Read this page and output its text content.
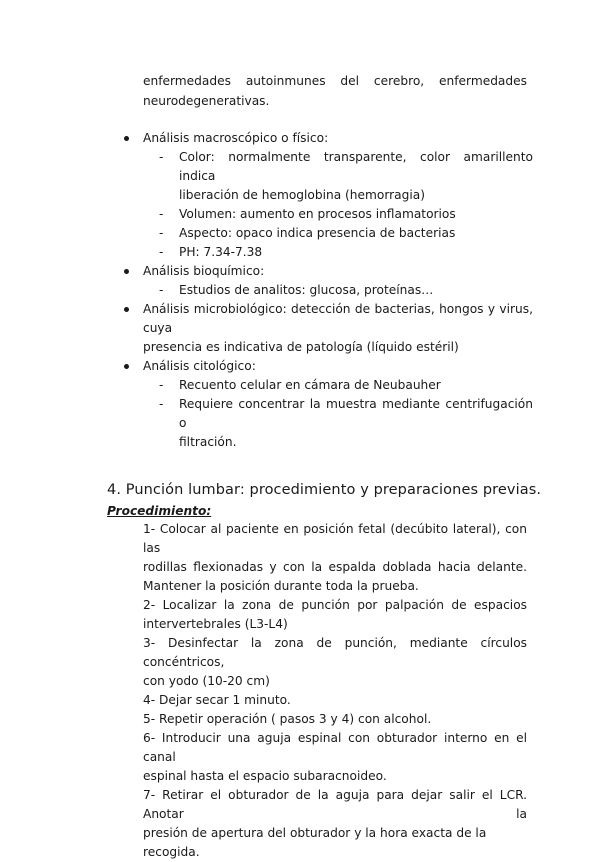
enfermedades autoinmunes del cerebro, enfermedades

neurodegenerativas.

Análisis macroscópico o físico:
- Color: normalmente transparente, color amarillento indica

liberación de hemoglobina (hemorragia)

- Volumen: aumento en procesos inflamatorios

- Aspecto: opaco indica presencia de bacterias

- PH: 7.34-7.38

Análisis bioquímico:
- Estudios de analitos: glucosa, proteínas…

Análisis microbiológico: detección de bacterias, hongos y virus, cuya

presencia es indicativa de patología (líquido estéril)

Análisis citológico:
- Recuento celular en cámara de Neubauher

- Requiere concentrar la muestra mediante centrifugación o

filtración.

4. Punción lumbar: procedimiento y preparaciones previas.
Procedimiento:

1- Colocar al paciente en posición fetal (decúbito lateral), con las

rodillas flexionadas y con la espalda doblada hacia delante.

Mantener la posición durante toda la prueba.

2- Localizar la zona de punción por palpación de espacios

intervertebrales (L3-L4)

3- Desinfectar la zona de punción, mediante círculos concéntricos,

con yodo (10-20 cm)

4- Dejar secar 1 minuto.

5- Repetir operación ( pasos 3 y 4) con alcohol.

6- Introducir una aguja espinal con obturador interno en el canal

espinal hasta el espacio subaracnoideo.

7- Retirar el obturador de la aguja para dejar salir el LCR. Anotar la

presión de apertura del obturador y la hora exacta de la recogida.
